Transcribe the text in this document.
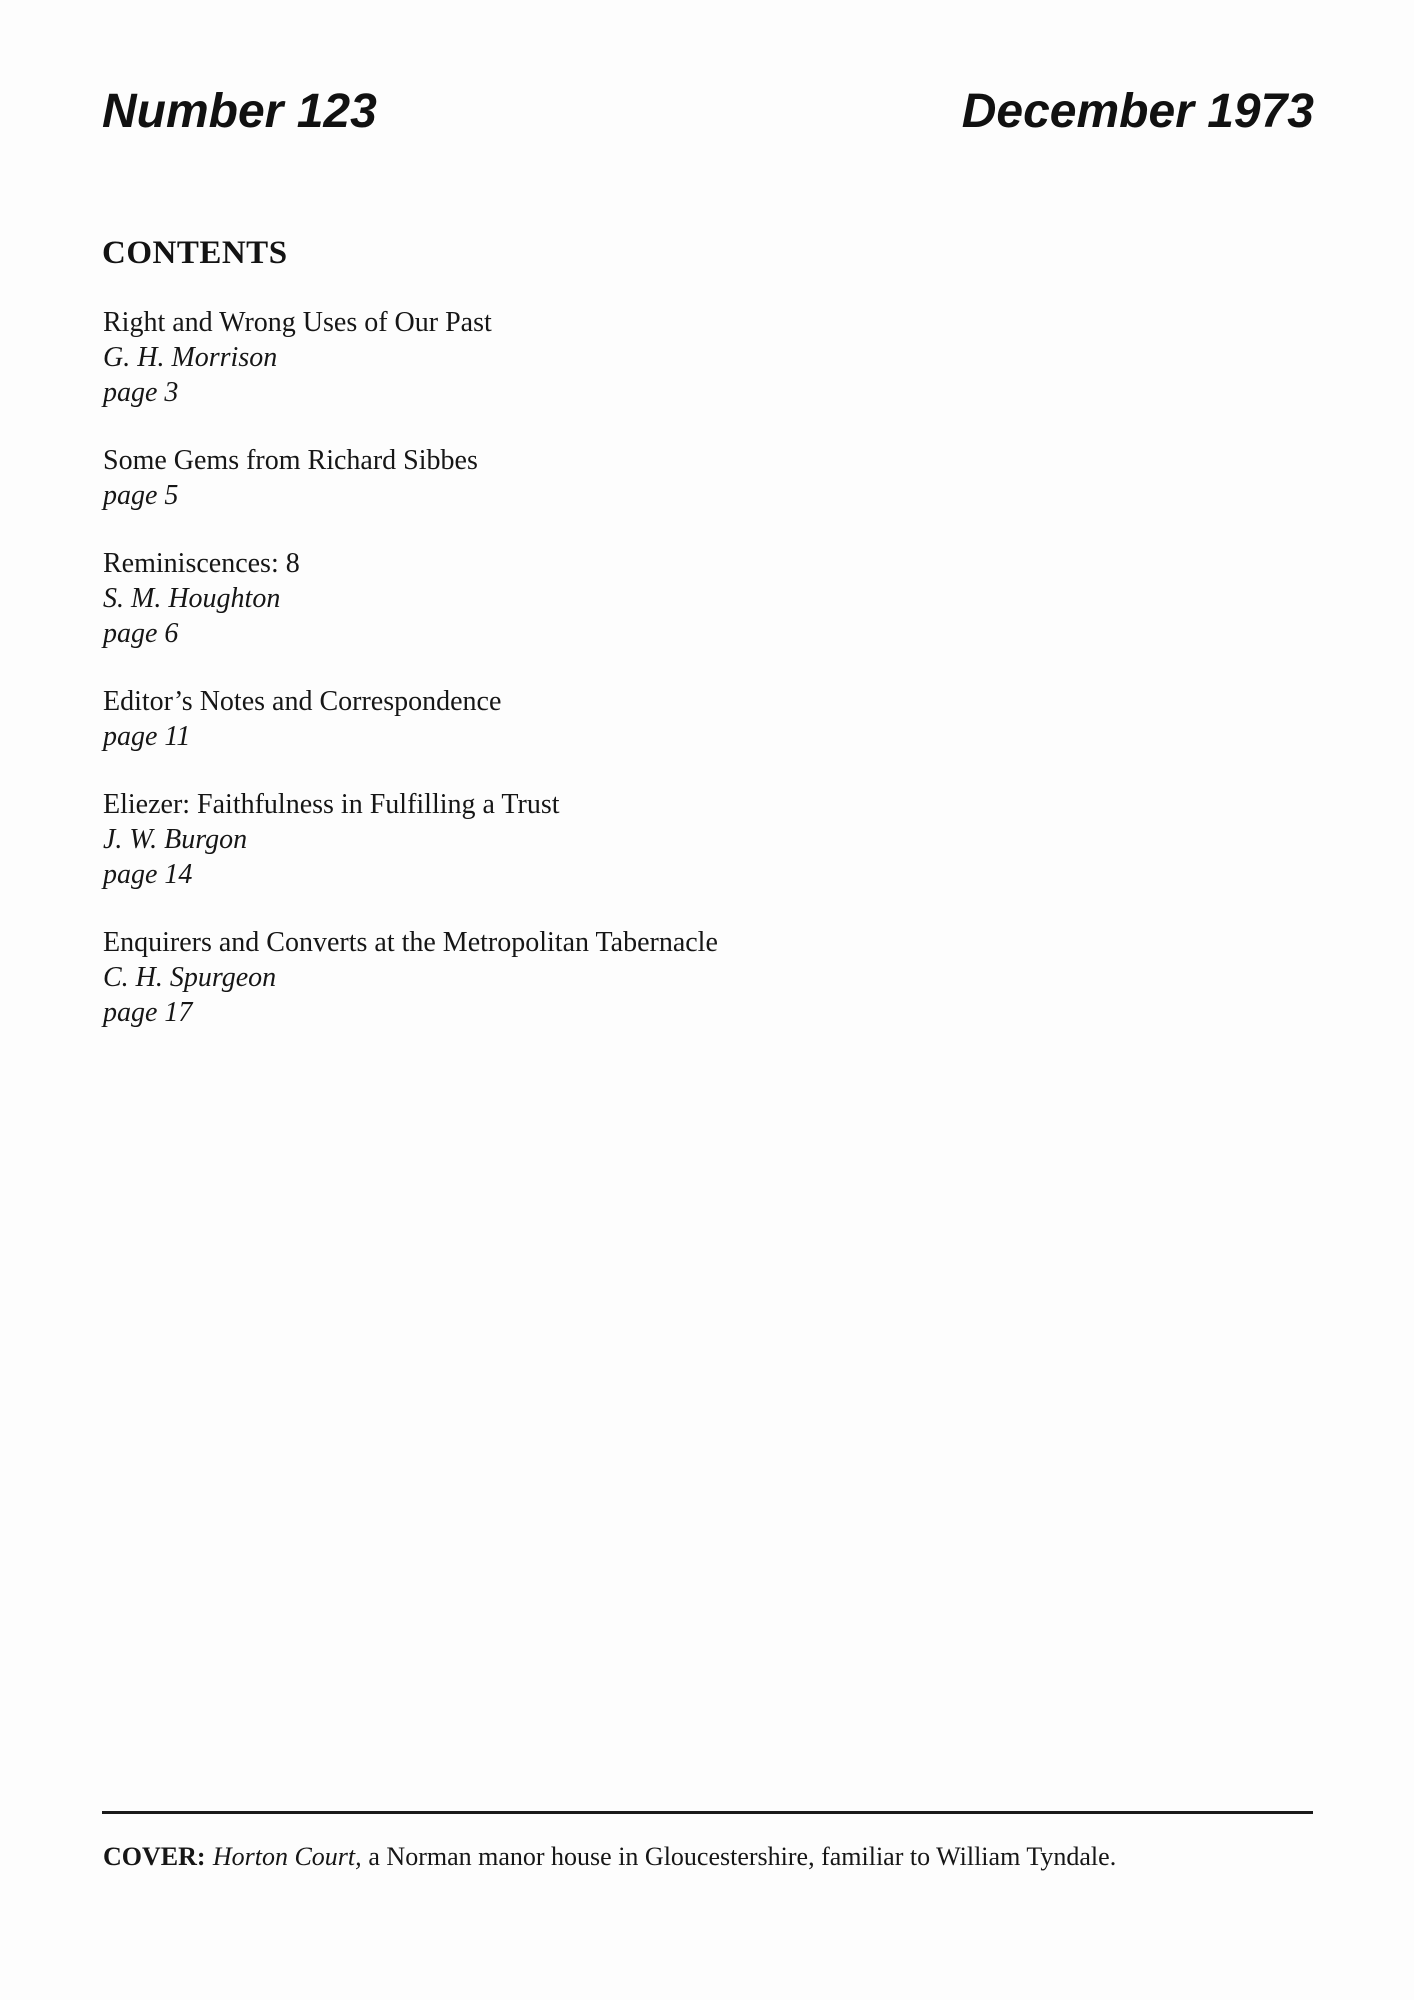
Number 123	December 1973
CONTENTS
Right and Wrong Uses of Our Past
G. H. Morrison
page 3
Some Gems from Richard Sibbes
page 5
Reminiscences: 8
S. M. Houghton
page 6
Editor’s Notes and Correspondence
page 11
Eliezer: Faithfulness in Fulfilling a Trust
J. W. Burgon
page 14
Enquirers and Converts at the Metropolitan Tabernacle
C. H. Spurgeon
page 17

COVER: Horton Court, a Norman manor house in Gloucestershire, familiar to William Tyndale.
